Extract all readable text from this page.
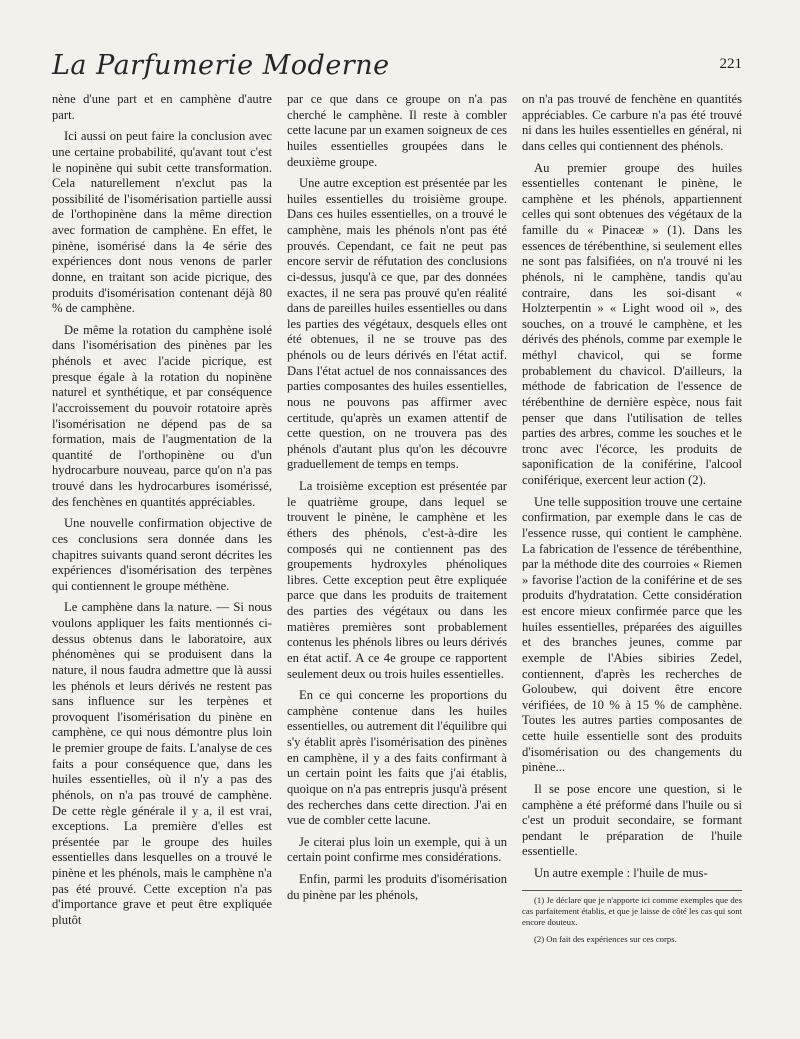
La Parfumerie Moderne	221

nène d'une part et en camphène d'autre part.

Ici aussi on peut faire la conclusion avec une certaine probabilité, qu'avant tout c'est le nopinène qui subit cette transformation. Cela naturellement n'exclut pas la possibilité de l'isomérisation partielle aussi de l'orthopinène dans la même direction avec formation de camphène. En effet, le pinène, isomérisé dans la 4e série des expériences dont nous venons de parler donne, en traitant son acide picrique, des produits d'isomérisation contenant déjà 80 % de camphène.

De même la rotation du camphène isolé dans l'isomérisation des pinènes par les phénols et avec l'acide picrique, est presque égale à la rotation du nopinène naturel et synthétique, et par conséquence l'accroissement du pouvoir rotatoire après l'isomérisation ne dépend pas de sa formation, mais de l'augmentation de la quantité de l'orthopinène ou d'un hydrocarbure nouveau, parce qu'on n'a pas trouvé dans les hydrocarbures isomérissé, des fenchènes en quantités appréciables.

Une nouvelle confirmation objective de ces conclusions sera donnée dans les chapitres suivants quand seront décrites les expériences d'isomérisation des terpènes qui contiennent le groupe méthène.

Le camphène dans la nature. — Si nous voulons appliquer les faits mentionnés ci-dessus obtenus dans le laboratoire, aux phénomènes qui se produisent dans la nature, il nous faudra admettre que là aussi les phénols et leurs dérivés ne restent pas sans influence sur les terpènes et provoquent l'isomérisation du pinène en camphène, ce qui nous démontre plus loin le premier groupe de faits. L'analyse de ces faits a pour conséquence que, dans les huiles essentielles, où il n'y a pas des phénols, on n'a pas trouvé de camphène. De cette règle générale il y a, il est vrai, exceptions. La première d'elles est présentée par le groupe des huiles essentielles dans lesquelles on a trouvé le pinène et les phénols, mais le camphène n'a pas été prouvé. Cette exception n'a pas d'importance grave et peut être expliquée plutôt

par ce que dans ce groupe on n'a pas cherché le camphène. Il reste à combler cette lacune par un examen soigneux de ces huiles essentielles groupées dans le deuxième groupe.

Une autre exception est présentée par les huiles essentielles du troisième groupe. Dans ces huiles essentielles, on a trouvé le camphène, mais les phénols n'ont pas été prouvés. Cependant, ce fait ne peut pas encore servir de réfutation des conclusions ci-dessus, jusqu'à ce que, par des données exactes, il ne sera pas prouvé qu'en réalité dans de pareilles huiles essentielles ou dans les parties des végétaux, desquels elles ont été obtenues, il ne se trouve pas des phénols ou de leurs dérivés en l'état actif. Dans l'état actuel de nos connaissances des parties composantes des huiles essentielles, nous ne pouvons pas affirmer avec certitude, qu'après un examen attentif de cette question, on ne trouvera pas des phénols d'autant plus qu'on les découvre graduellement de temps en temps.

La troisième exception est présentée par le quatrième groupe, dans lequel se trouvent le pinène, le camphène et les éthers des phénols, c'est-à-dire les composés qui ne contiennent pas des groupements hydroxyles phénoliques libres. Cette exception peut être expliquée parce que dans les produits de traitement des parties des végétaux ou dans les matières premières sont probablement contenus les phénols libres ou leurs dérivés en état actif. A ce 4e groupe ce rapportent seulement deux ou trois huiles essentielles.

En ce qui concerne les proportions du camphène contenue dans les huiles essentielles, ou autrement dit l'équilibre qui s'y établit après l'isomérisation des pinènes en camphène, il y a des faits confirmant à un certain point les faits que j'ai établis, quoique on n'a pas entrepris jusqu'à présent des recherches dans cette direction. J'ai en vue de combler cette lacune.

Je citerai plus loin un exemple, qui à un certain point confirme mes considérations.

Enfin, parmi les produits d'isomérisation du pinène par les phénols,

on n'a pas trouvé de fenchène en quantités appréciables. Ce carbure n'a pas été trouvé ni dans les huiles essentielles en général, ni dans celles qui contiennent des phénols.

Au premier groupe des huiles essentielles contenant le pinène, le camphène et les phénols, appartiennent celles qui sont obtenues des végétaux de la famille du « Pinaceæ » (1). Dans les essences de térébenthine, si seulement elles ne sont pas falsifiées, on n'a trouvé ni les phénols, ni le camphène, tandis qu'au contraire, dans les soi-disant « Holzterpentin » « Light wood oil », des souches, on a trouvé le camphène, et les dérivés des phénols, comme par exemple le méthyl chavicol, qui se forme probablement du chavicol. D'ailleurs, la méthode de fabrication de l'essence de térébenthine de dernière espèce, nous fait penser que dans l'utilisation de telles parties des arbres, comme les souches et le tronc avec l'écorce, les produits de saponification de la coniférine, l'alcool coniférique, exercent leur action (2).

Une telle supposition trouve une certaine confirmation, par exemple dans le cas de l'essence russe, qui contient le camphène. La fabrication de l'essence de térébenthine, par la méthode dite des courroies « Riemen » favorise l'action de la coniférine et de ses produits d'hydratation. Cette considération est encore mieux confirmée parce que les huiles essentielles, préparées des aiguilles et des branches jeunes, comme par exemple de l'Abies sibiries Zedel, contiennent, d'après les recherches de Goloubew, qui doivent être encore vérifiées, de 10 % à 15 % de camphène. Toutes les autres parties composantes de cette huile essentielle sont des produits d'isomérisation ou des changements du pinène...

Il se pose encore une question, si le camphène a été préformé dans l'huile ou si c'est un produit secondaire, se formant pendant le préparation de l'huile essentielle.

Un autre exemple : l'huile de mus-

(1) Je déclare que je n'apporte ici comme exemples que des cas parfaitement établis, et que je laisse de côté les cas qui sont encore douteux.

(2) On fait des expériences sur ces corps.
